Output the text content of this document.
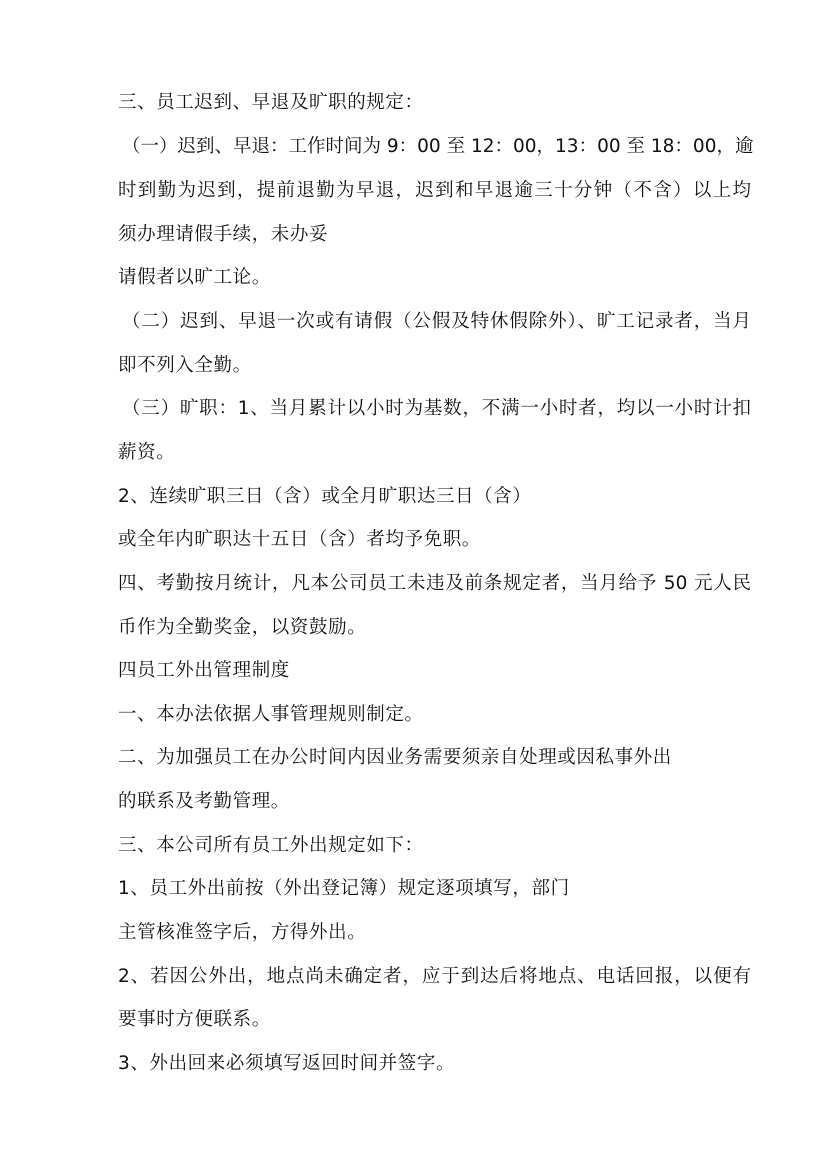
三、员工迟到、早退及旷职的规定：
（一）迟到、早退：工作时间为 9：00 至 12：00，13：00 至 18：00，逾
时到勤为迟到，提前退勤为早退，迟到和早退逾三十分钟（不含）以上均
须办理请假手续，未办妥
请假者以旷工论。
（二）迟到、早退一次或有请假（公假及特休假除外）、旷工记录者，当月
即不列入全勤。
（三）旷职：1、当月累计以小时为基数，不满一小时者，均以一小时计扣
薪资。
2、连续旷职三日（含）或全月旷职达三日（含）
或全年内旷职达十五日（含）者均予免职。
四、考勤按月统计，凡本公司员工未违及前条规定者，当月给予 50 元人民
币作为全勤奖金，以资鼓励。
四员工外出管理制度
一、本办法依据人事管理规则制定。
二、为加强员工在办公时间内因业务需要须亲自处理或因私事外出
的联系及考勤管理。
三、本公司所有员工外出规定如下：
1、员工外出前按（外出登记簿）规定逐项填写，部门
主管核准签字后，方得外出。
2、若因公外出，地点尚未确定者，应于到达后将地点、电话回报，以便有
要事时方便联系。
3、外出回来必须填写返回时间并签字。
